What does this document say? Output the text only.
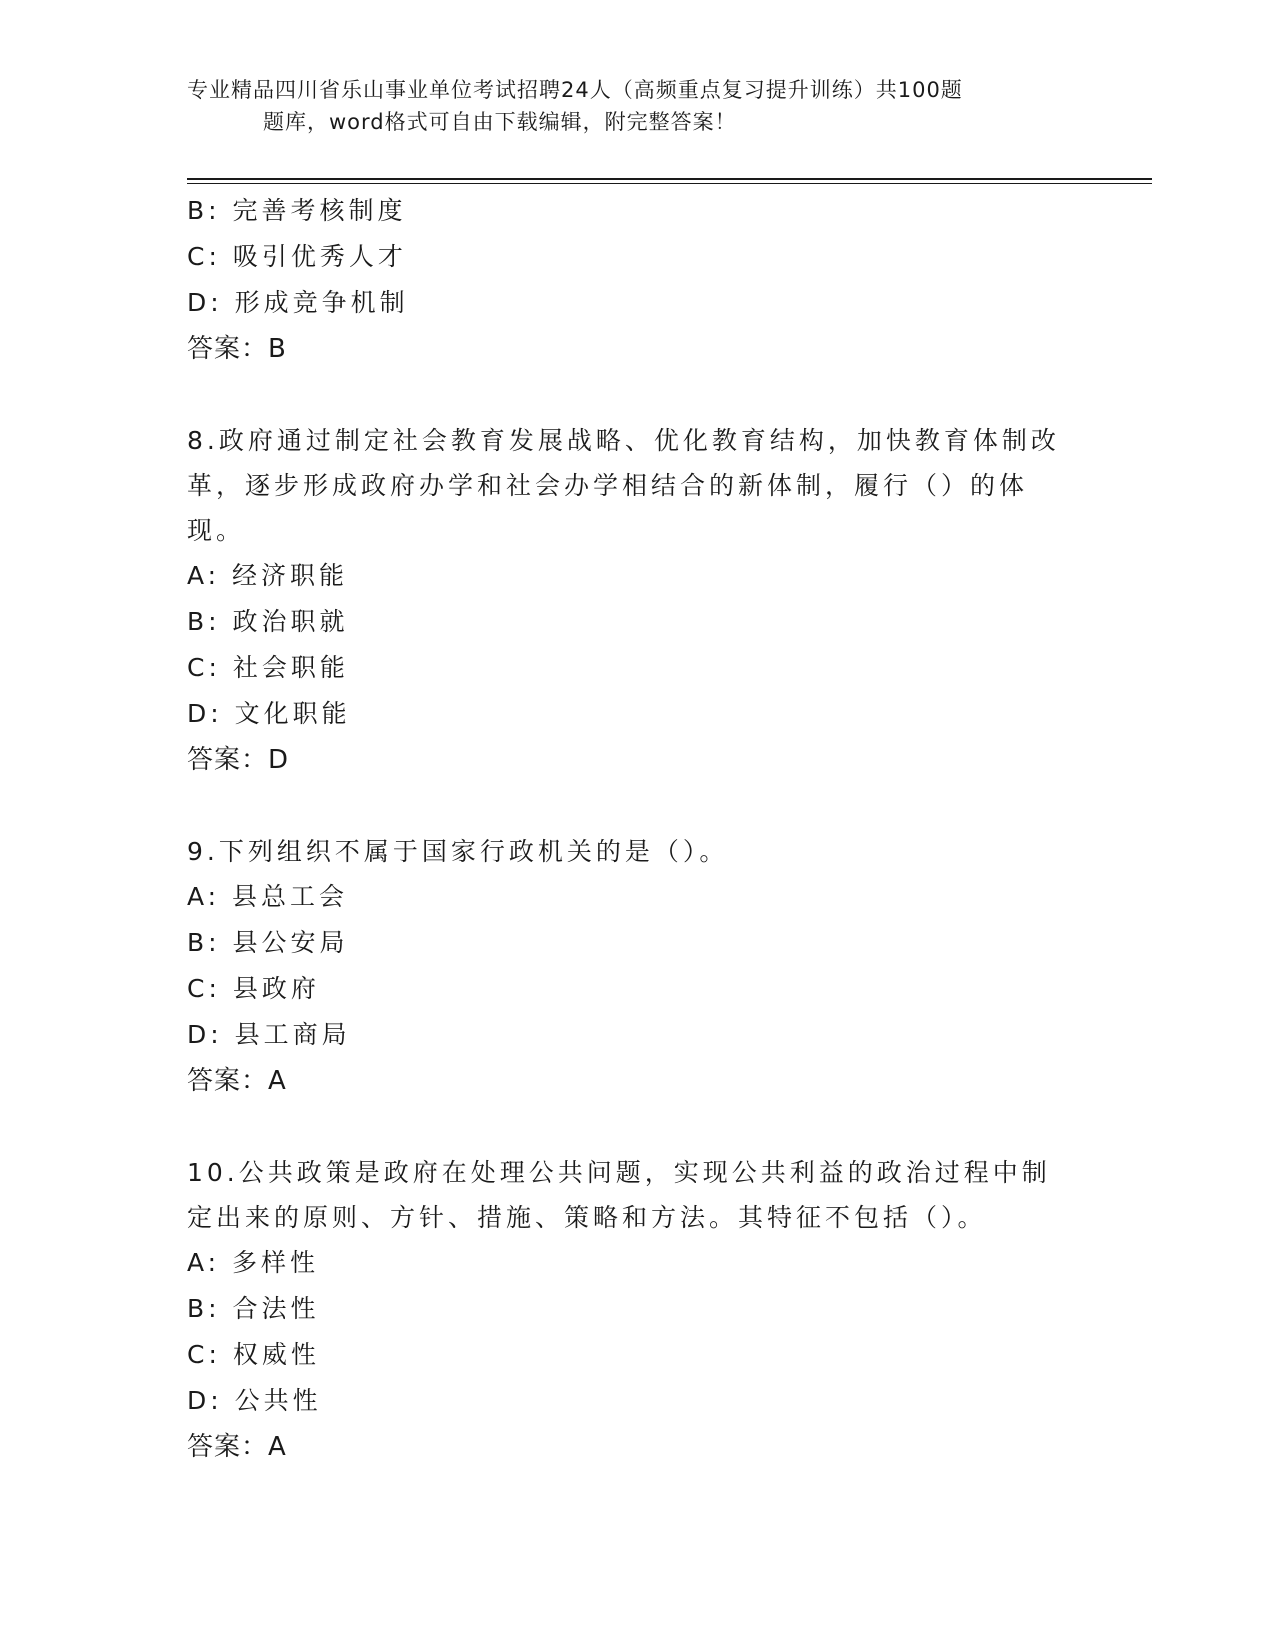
专业精品四川省乐山事业单位考试招聘24人（高频重点复习提升训练）共100题
题库，word格式可自由下载编辑，附完整答案！
B: 完善考核制度
C: 吸引优秀人才
D: 形成竞争机制
答案：B
8.政府通过制定社会教育发展战略、优化教育结构，加快教育体制改革，逐步形成政府办学和社会办学相结合的新体制，履行（）的体现。
A: 经济职能
B: 政治职就
C: 社会职能
D: 文化职能
答案：D
9.下列组织不属于国家行政机关的是（）。
A: 县总工会
B: 县公安局
C: 县政府
D: 县工商局
答案：A
10.公共政策是政府在处理公共问题，实现公共利益的政治过程中制定出来的原则、方针、措施、策略和方法。其特征不包括（）。
A: 多样性
B: 合法性
C: 权威性
D: 公共性
答案：A
